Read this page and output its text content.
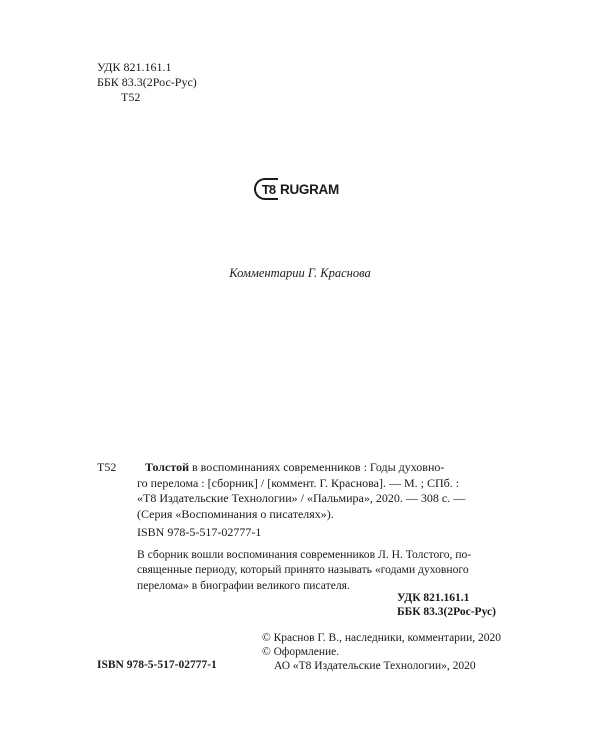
УДК 821.161.1
ББК 83.3(2Рос-Рус)
Т52
T8 RUGRAM
Комментарии Г. Краснова
Т52	Толстой в воспоминаниях современников : Годы духовно-
го перелома : [сборник] / [коммент. Г. Краснова]. — М. ; СПб. :
«Т8 Издательские Технологии» / «Пальмира», 2020. — 308 с. —
(Серия «Воспоминания о писателях»).
ISBN 978-5-517-02777-1
В сборник вошли воспоминания современников Л. Н. Толстого, по-
священные периоду, который принято называть «годами духовного
перелома» в биографии великого писателя.
УДК 821.161.1
ББК 83.3(2Рос-Рус)
© Краснов Г. В., наследники, комментарии, 2020
© Оформление.
АО «Т8 Издательские Технологии», 2020
ISBN 978-5-517-02777-1
